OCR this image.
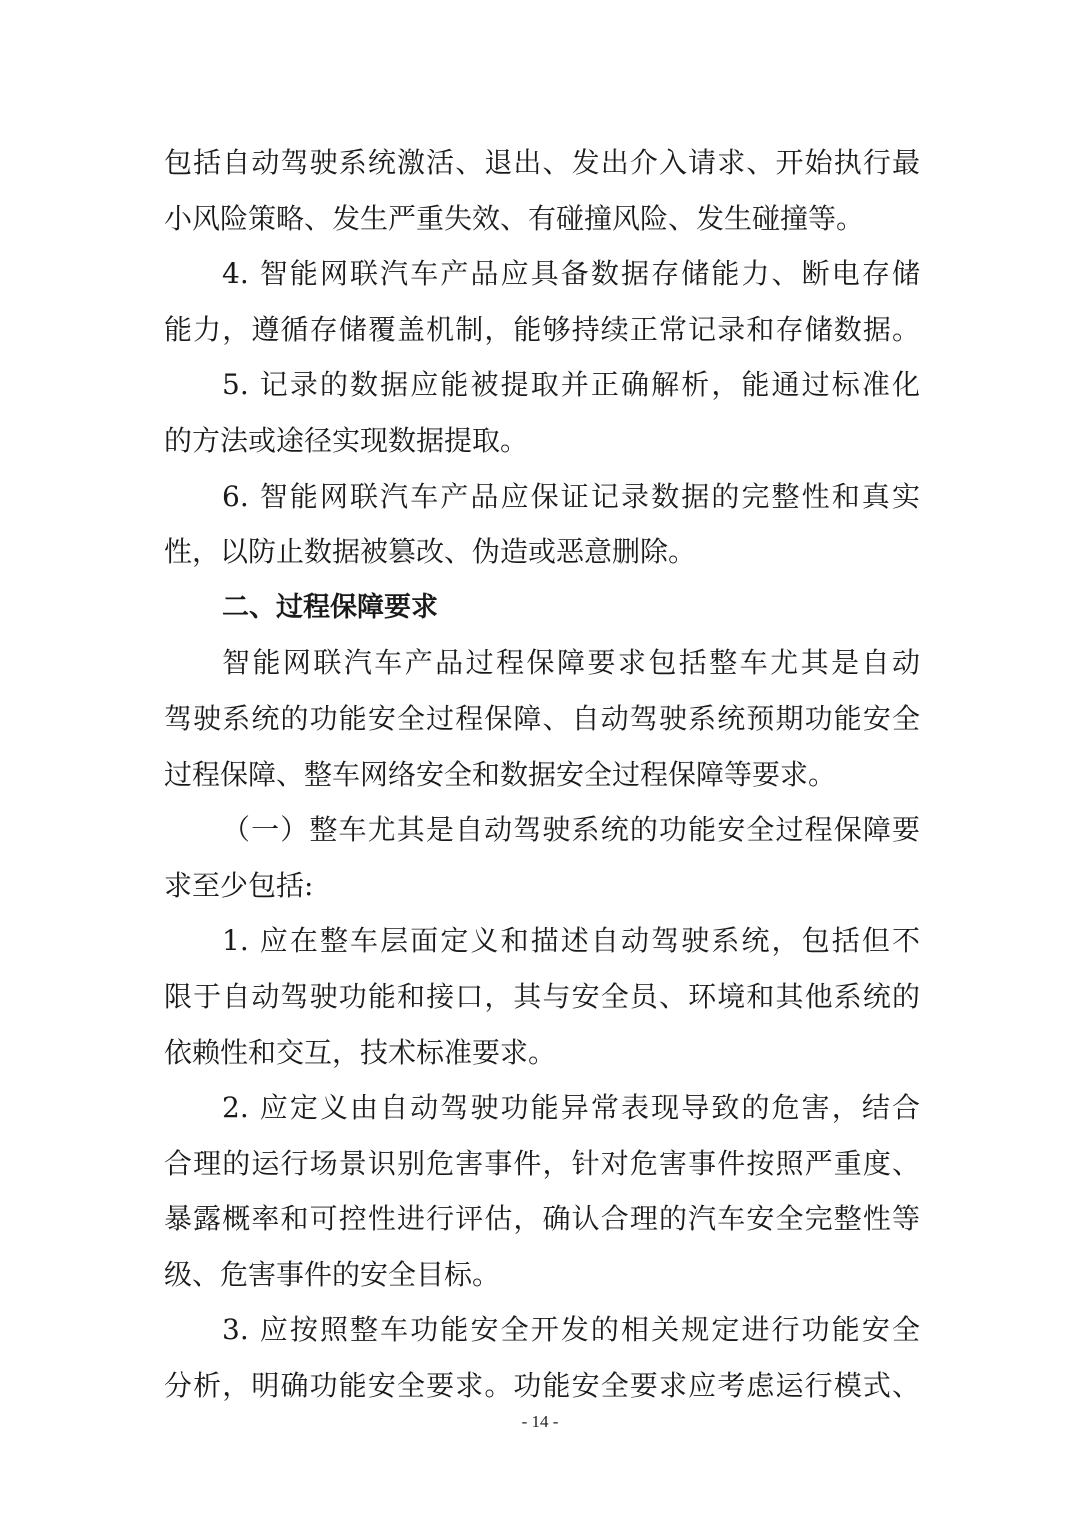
包括自动驾驶系统激活、退出、发出介入请求、开始执行最
小风险策略、发生严重失效、有碰撞风险、发生碰撞等。
4. 智能网联汽车产品应具备数据存储能力、断电存储
能力，遵循存储覆盖机制，能够持续正常记录和存储数据。
5. 记录的数据应能被提取并正确解析，能通过标准化
的方法或途径实现数据提取。
6. 智能网联汽车产品应保证记录数据的完整性和真实
性，以防止数据被篡改、伪造或恶意删除。
二、过程保障要求
智能网联汽车产品过程保障要求包括整车尤其是自动
驾驶系统的功能安全过程保障、自动驾驶系统预期功能安全
过程保障、整车网络安全和数据安全过程保障等要求。
（一）整车尤其是自动驾驶系统的功能安全过程保障要
求至少包括:
1. 应在整车层面定义和描述自动驾驶系统，包括但不
限于自动驾驶功能和接口，其与安全员、环境和其他系统的
依赖性和交互，技术标准要求。
2. 应定义由自动驾驶功能异常表现导致的危害，结合
合理的运行场景识别危害事件，针对危害事件按照严重度、
暴露概率和可控性进行评估，确认合理的汽车安全完整性等
级、危害事件的安全目标。
3. 应按照整车功能安全开发的相关规定进行功能安全
分析，明确功能安全要求。功能安全要求应考虑运行模式、
- 14 -
